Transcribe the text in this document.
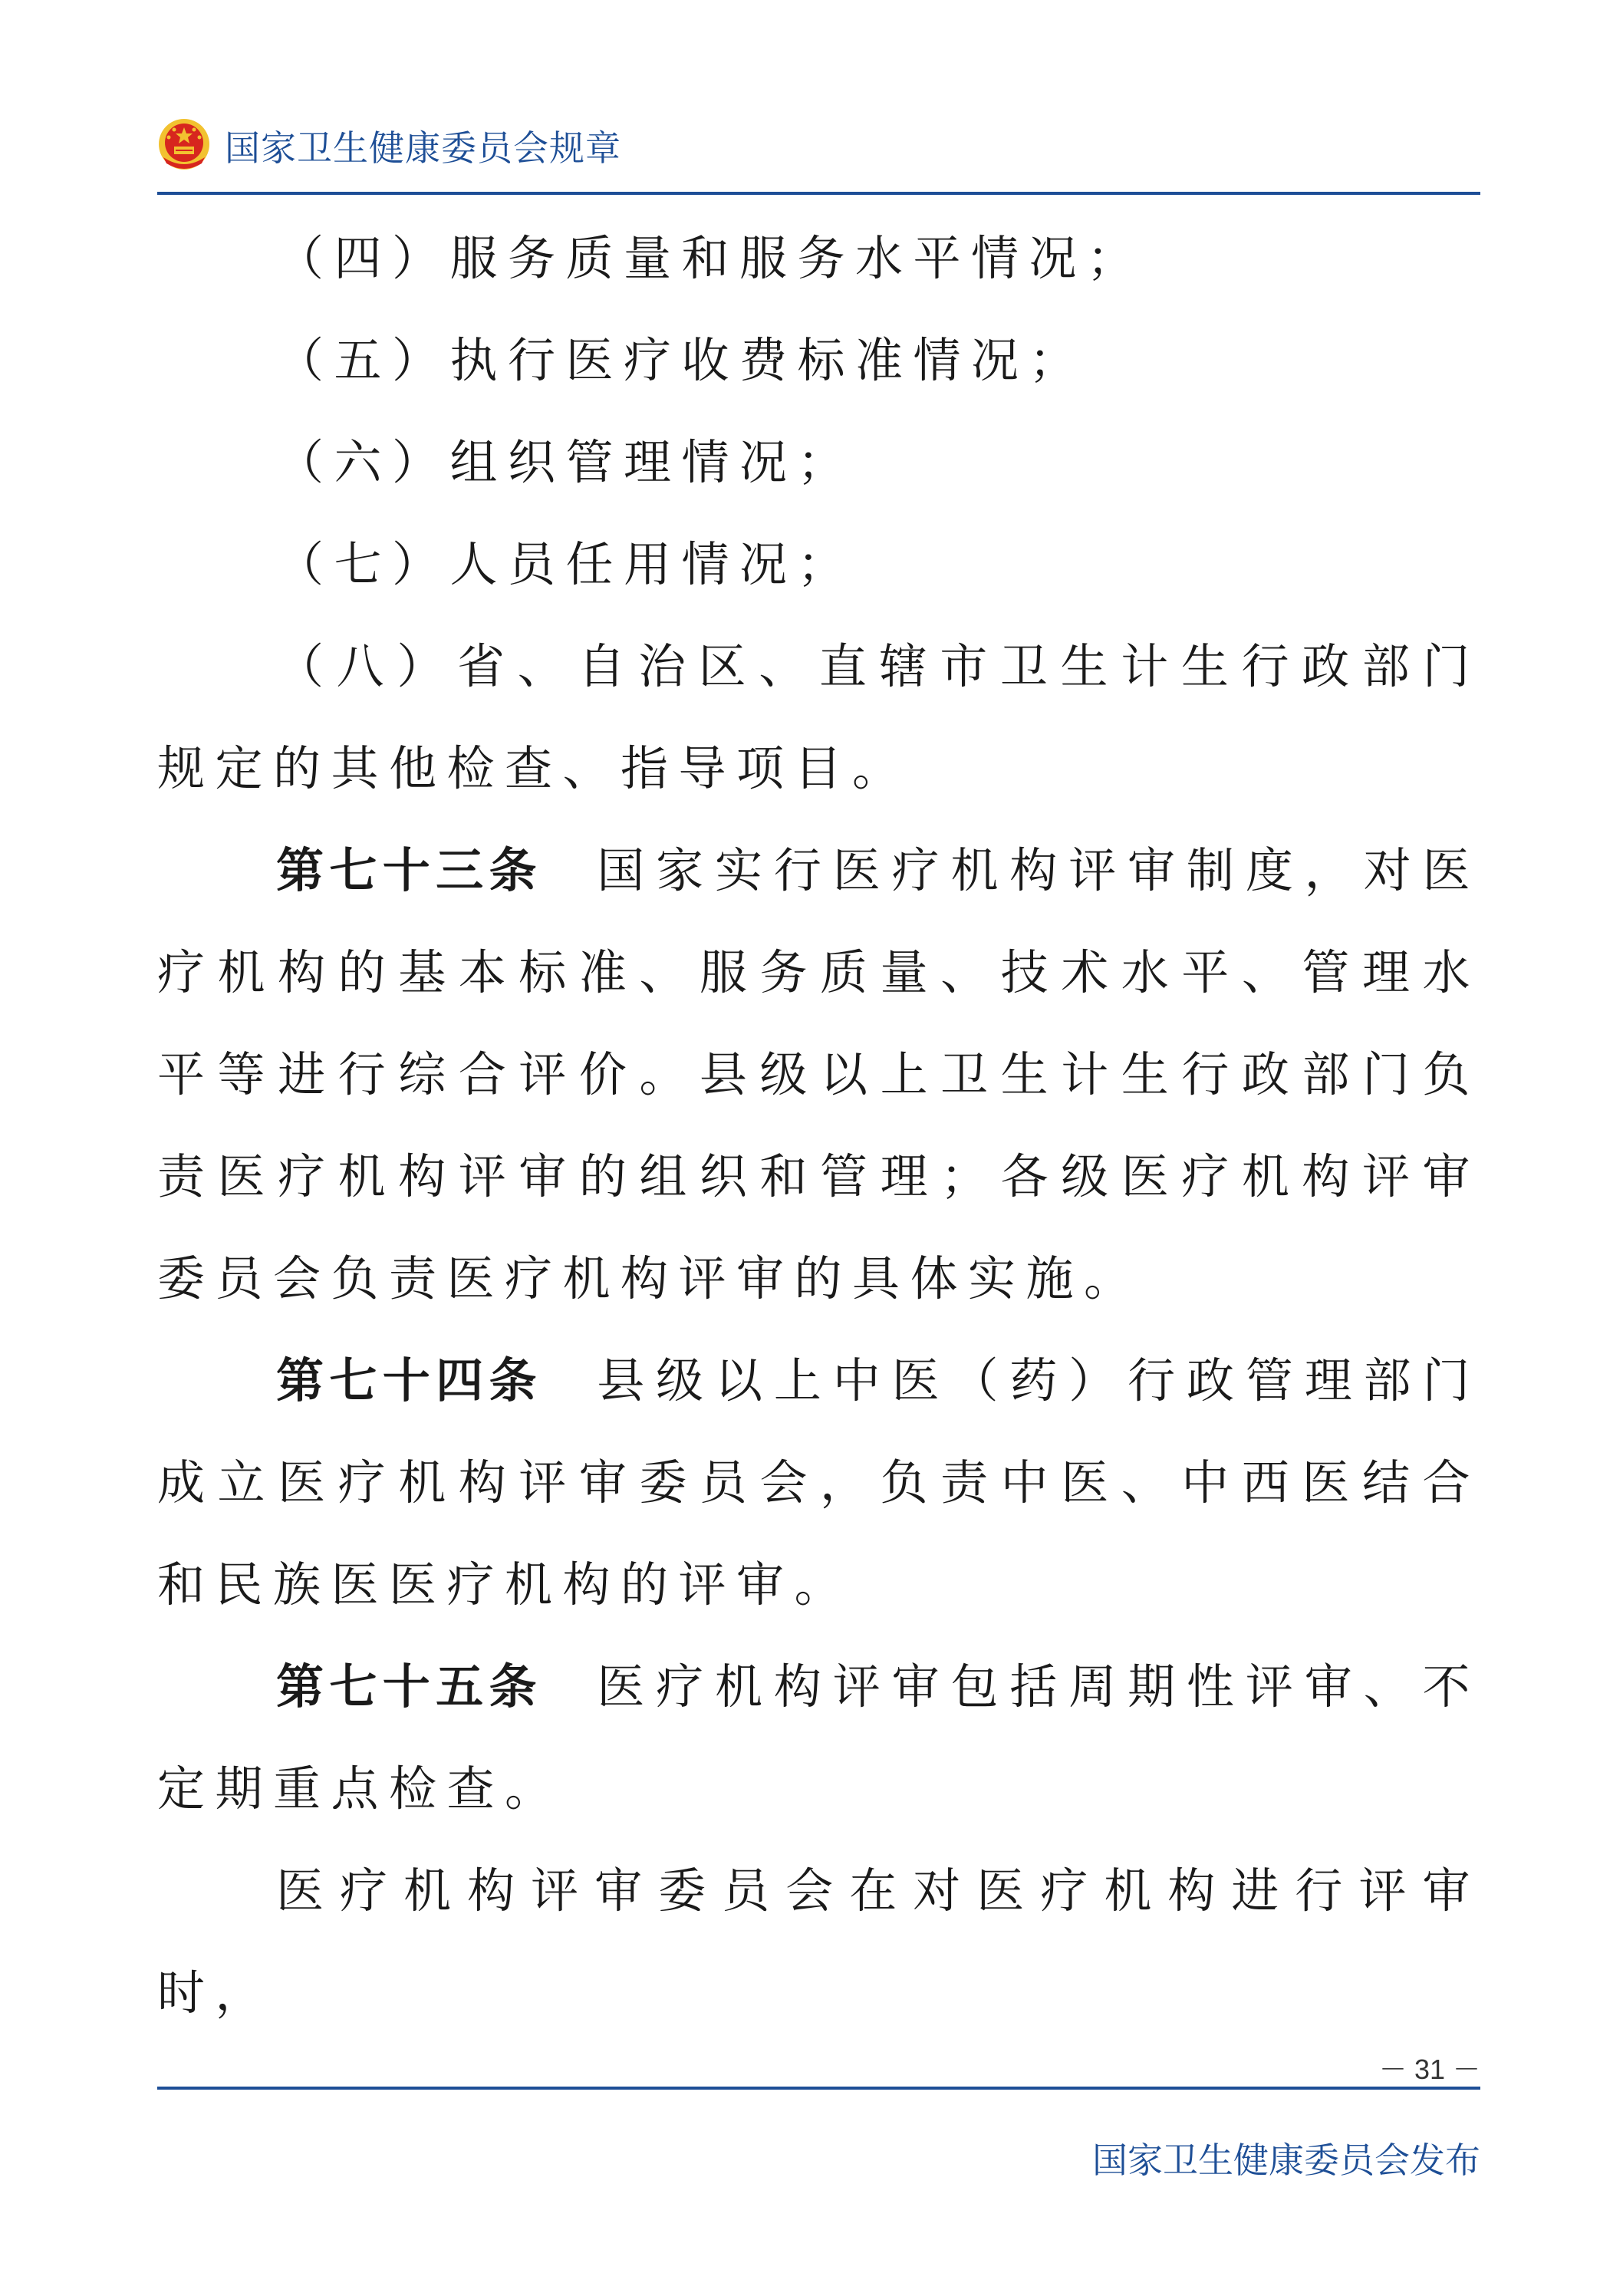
国家卫生健康委员会规章

（四）服务质量和服务水平情况；

（五）执行医疗收费标准情况；

（六）组织管理情况；

（七）人员任用情况；

（八）省、自治区、直辖市卫生计生行政部门规定的其他检查、指导项目。

第七十三条 国家实行医疗机构评审制度，对医疗机构的基本标准、服务质量、技术水平、管理水平等进行综合评价。县级以上卫生计生行政部门负责医疗机构评审的组织和管理；各级医疗机构评审委员会负责医疗机构评审的具体实施。

第七十四条 县级以上中医（药）行政管理部门成立医疗机构评审委员会，负责中医、中西医结合和民族医医疗机构的评审。

第七十五条 医疗机构评审包括周期性评审、不定期重点检查。

医疗机构评审委员会在对医疗机构进行评审时，

－ 31 －
国家卫生健康委员会发布
